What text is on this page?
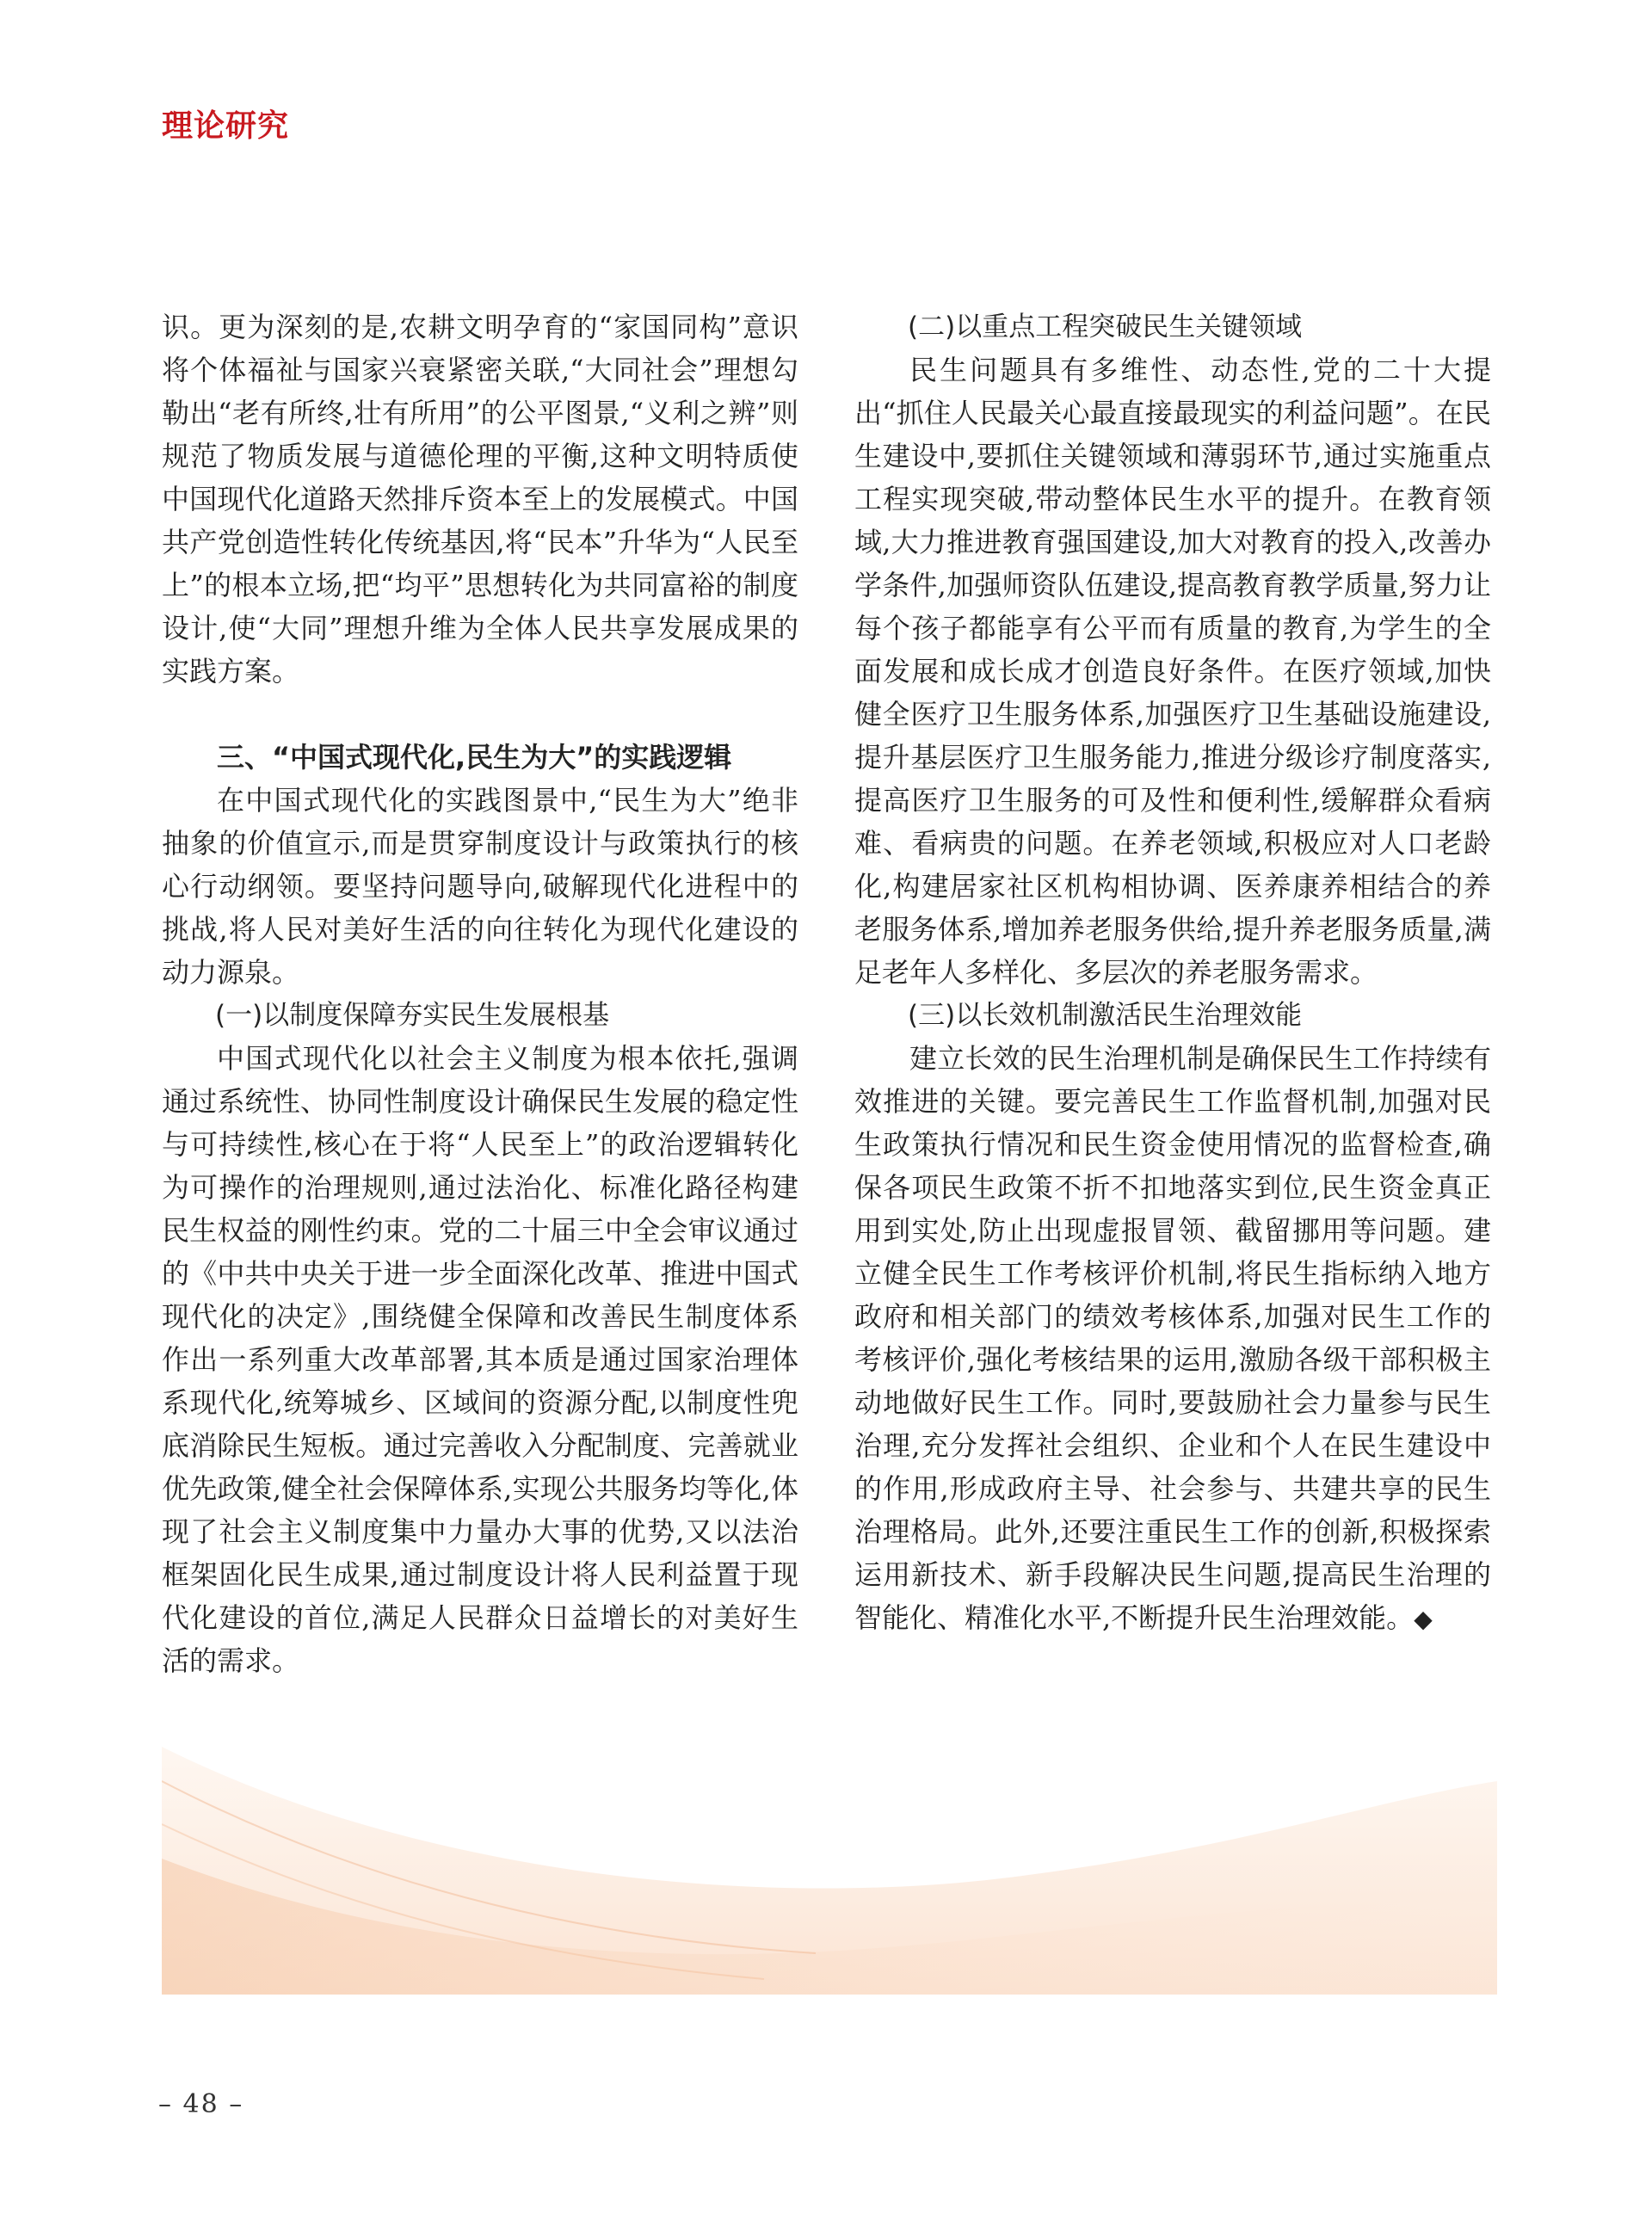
理论研究

识。更为深刻的是,农耕文明孕育的“家国同构”意识将个体福祉与国家兴衰紧密关联,“大同社会”理想勾勒出“老有所终,壮有所用”的公平图景,“义利之辨”则规范了物质发展与道德伦理的平衡,这种文明特质使中国现代化道路天然排斥资本至上的发展模式。中国共产党创造性转化传统基因,将“民本”升华为“人民至上”的根本立场,把“均平”思想转化为共同富裕的制度设计,使“大同”理想升维为全体人民共享发展成果的实践方案。

三、“中国式现代化,民生为大”的实践逻辑

在中国式现代化的实践图景中,“民生为大”绝非抽象的价值宣示,而是贯穿制度设计与政策执行的核心行动纲领。要坚持问题导向,破解现代化进程中的挑战,将人民对美好生活的向往转化为现代化建设的动力源泉。

(一)以制度保障夯实民生发展根基

中国式现代化以社会主义制度为根本依托,强调通过系统性、协同性制度设计确保民生发展的稳定性与可持续性,核心在于将“人民至上”的政治逻辑转化为可操作的治理规则,通过法治化、标准化路径构建民生权益的刚性约束。党的二十届三中全会审议通过的《中共中央关于进一步全面深化改革、推进中国式现代化的决定》,围绕健全保障和改善民生制度体系作出一系列重大改革部署,其本质是通过国家治理体系现代化,统筹城乡、区域间的资源分配,以制度性兜底消除民生短板。通过完善收入分配制度、完善就业优先政策,健全社会保障体系,实现公共服务均等化,体现了社会主义制度集中力量办大事的优势,又以法治框架固化民生成果,通过制度设计将人民利益置于现代化建设的首位,满足人民群众日益增长的对美好生活的需求。

(二)以重点工程突破民生关键领域

民生问题具有多维性、动态性,党的二十大提出“抓住人民最关心最直接最现实的利益问题”。在民生建设中,要抓住关键领域和薄弱环节,通过实施重点工程实现突破,带动整体民生水平的提升。在教育领域,大力推进教育强国建设,加大对教育的投入,改善办学条件,加强师资队伍建设,提高教育教学质量,努力让每个孩子都能享有公平而有质量的教育,为学生的全面发展和成长成才创造良好条件。在医疗领域,加快健全医疗卫生服务体系,加强医疗卫生基础设施建设,提升基层医疗卫生服务能力,推进分级诊疗制度落实,提高医疗卫生服务的可及性和便利性,缓解群众看病难、看病贵的问题。在养老领域,积极应对人口老龄化,构建居家社区机构相协调、医养康养相结合的养老服务体系,增加养老服务供给,提升养老服务质量,满足老年人多样化、多层次的养老服务需求。

(三)以长效机制激活民生治理效能

建立长效的民生治理机制是确保民生工作持续有效推进的关键。要完善民生工作监督机制,加强对民生政策执行情况和民生资金使用情况的监督检查,确保各项民生政策不折不扣地落实到位,民生资金真正用到实处,防止出现虚报冒领、截留挪用等问题。建立健全民生工作考核评价机制,将民生指标纳入地方政府和相关部门的绩效考核体系,加强对民生工作的考核评价,强化考核结果的运用,激励各级干部积极主动地做好民生工作。同时,要鼓励社会力量参与民生治理,充分发挥社会组织、企业和个人在民生建设中的作用,形成政府主导、社会参与、共建共享的民生治理格局。此外,还要注重民生工作的创新,积极探索运用新技术、新手段解决民生问题,提高民生治理的智能化、精准化水平,不断提升民生治理效能。◆

– 48 –
